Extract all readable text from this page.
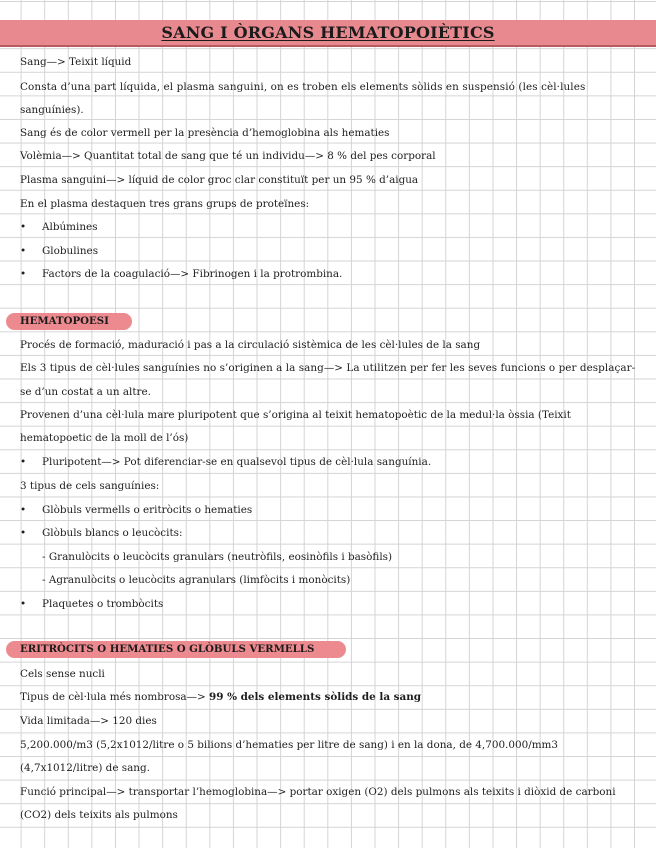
SANG I ÒRGANS HEMATOPOIÈTICS
Sang—> Teixit líquid
Consta d’una part líquida, el plasma sanguini, on es troben els elements sòlids en suspensió (les cèl·lules
sanguínies).
Sang és de color vermell per la presència d’hemoglobina als hematies
Volèmia—> Quantitat total de sang que té un individu—> 8 % del pes corporal
Plasma sanguini—> líquid de color groc clar constituït per un 95 % d’aigua
En el plasma destaquen tres grans grups de proteïnes:
• Albúmines
• Globulines
• Factors de la coagulació—> Fibrinogen i la protrombina.
HEMATOPOESI
Procés de formació, maduració i pas a la circulació sistèmica de les cèl·lules de la sang
Els 3 tipus de cèl·lules sanguínies no s’originen a la sang—> La utilitzen per fer les seves funcions o per desplaçar-
se d’un costat a un altre.
Provenen d’una cèl·lula mare pluripotent que s’origina al teixit hematopoètic de la medul·la òssia (Teixit
hematopoetic de la moll de l’ós)
• Pluripotent—> Pot diferenciar-se en qualsevol tipus de cèl·lula sanguínia.
3 tipus de cels sanguínies:
• Glòbuls vermells o eritròcits o hematies
• Glòbuls blancs o leucòcits:
- Granulòcits o leucòcits granulars (neutròfils, eosinòfils i basòfils)
- Agranulòcits o leucòcits agranulars (limfòcits i monòcits)
• Plaquetes o trombòcits
ERITRÒCITS O HEMATIES O GLÒBULS VERMELLS
Cels sense nucli
Tipus de cèl·lula més nombrosa—> 99 % dels elements sòlids de la sang
Vida limitada—> 120 dies
5,200.000/m3 (5,2x1012/litre o 5 bilions d’hematies per litre de sang) i en la dona, de 4,700.000/mm3
(4,7x1012/litre) de sang.
Funció principal—> transportar l’hemoglobina—> portar oxigen (O2) dels pulmons als teixits i diòxid de carboni
(CO2) dels teixits als pulmons
